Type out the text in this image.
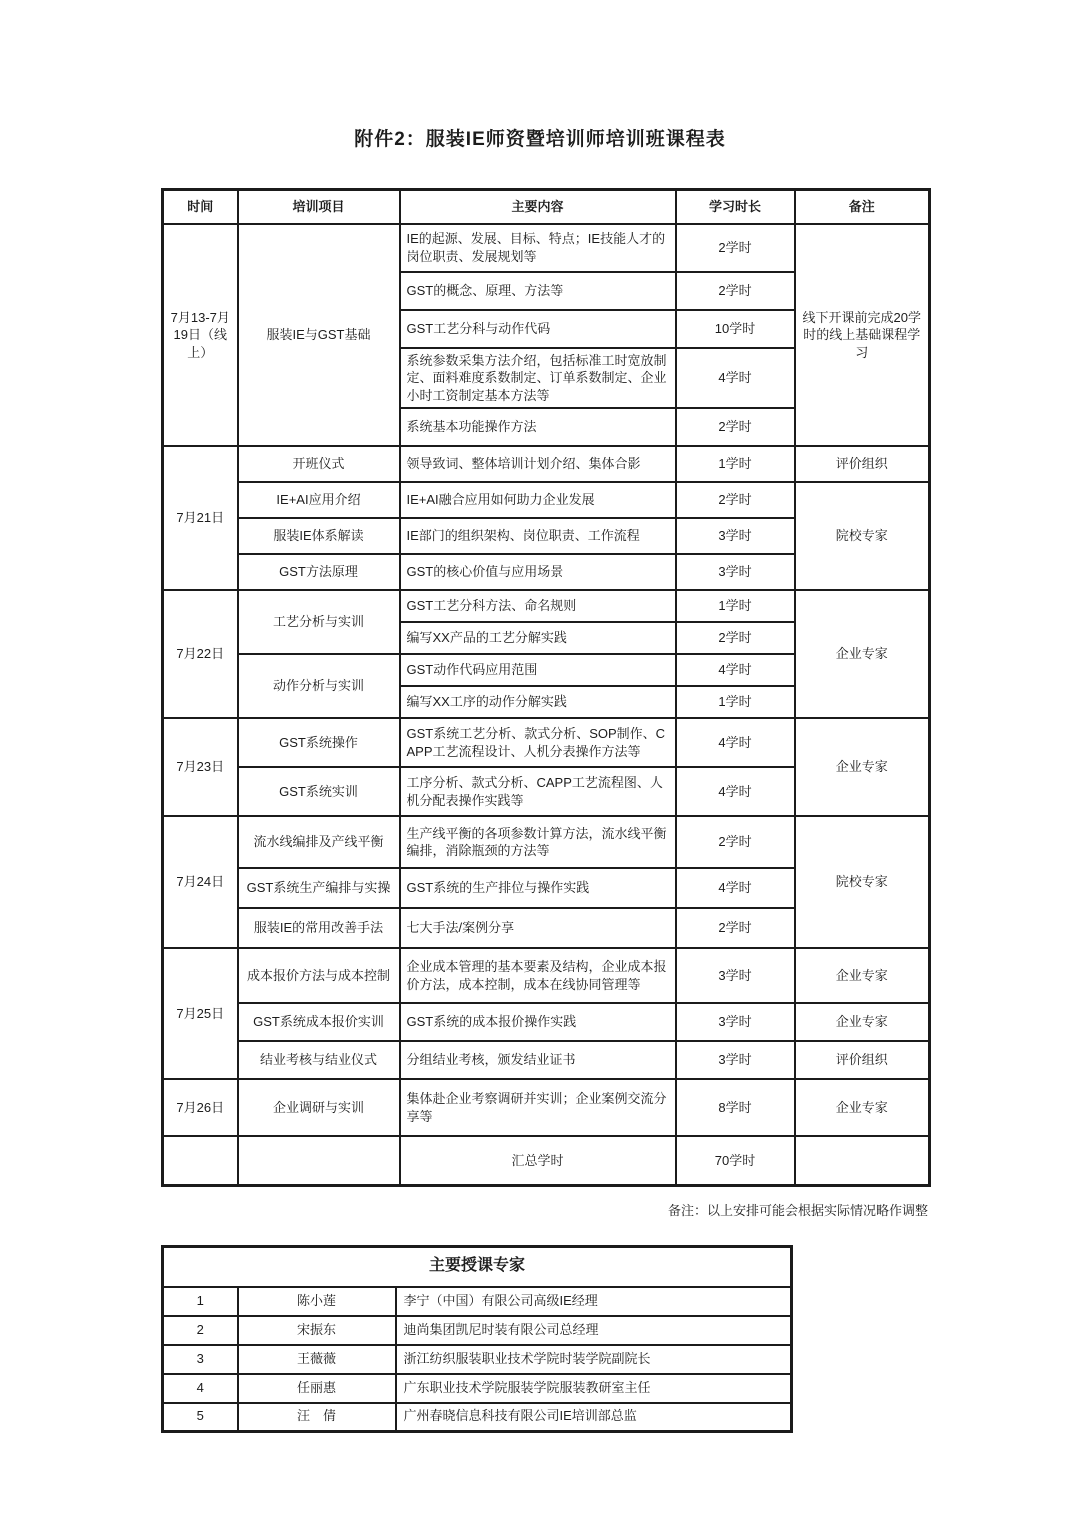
附件2：服装IE师资暨培训师培训班课程表
时间	培训项目	主要内容	学习时长	备注
7月13-7月19日（线上）	服装IE与GST基础	IE的起源、发展、目标、特点；IE技能人才的岗位职责、发展规划等	2学时	线下开课前完成20学时的线上基础课程学习
		GST的概念、原理、方法等	2学时	
		GST工艺分科与动作代码	10学时	
		系统参数采集方法介绍，包括标准工时宽放制定、面料难度系数制定、订单系数制定、企业小时工资制定基本方法等	4学时	
		系统基本功能操作方法	2学时	
7月21日	开班仪式	领导致词、整体培训计划介绍、集体合影	1学时	评价组织
	IE+AI应用介绍	IE+AI融合应用如何助力企业发展	2学时	院校专家
	服装IE体系解读	IE部门的组织架构、岗位职责、工作流程	3学时	
	GST方法原理	GST的核心价值与应用场景	3学时	
7月22日	工艺分析与实训	GST工艺分科方法、命名规则	1学时	企业专家
		编写XX产品的工艺分解实践	2学时	
	动作分析与实训	GST动作代码应用范围	4学时	
		编写XX工序的动作分解实践	1学时	
7月23日	GST系统操作	GST系统工艺分析、款式分析、SOP制作、CAPP工艺流程设计、人机分表操作方法等	4学时	企业专家
	GST系统实训	工序分析、款式分析、CAPP工艺流程图、人机分配表操作实践等	4学时	
7月24日	流水线编排及产线平衡	生产线平衡的各项参数计算方法，流水线平衡编排，消除瓶颈的方法等	2学时	院校专家
	GST系统生产编排与实操	GST系统的生产排位与操作实践	4学时	
	服装IE的常用改善手法	七大手法/案例分享	2学时	
7月25日	成本报价方法与成本控制	企业成本管理的基本要素及结构，企业成本报价方法，成本控制，成本在线协同管理等	3学时	企业专家
	GST系统成本报价实训	GST系统的成本报价操作实践	3学时	企业专家
	结业考核与结业仪式	分组结业考核，颁发结业证书	3学时	评价组织
7月26日	企业调研与实训	集体赴企业考察调研并实训；企业案例交流分享等	8学时	企业专家
		汇总学时	70学时	
备注：以上安排可能会根据实际情况略作调整
主要授课专家		
1	陈小莲	李宁（中国）有限公司高级IE经理
2	宋振东	迪尚集团凯尼时装有限公司总经理
3	王薇薇	浙江纺织服装职业技术学院时装学院副院长
4	任丽惠	广东职业技术学院服装学院服装教研室主任
5	汪　倩	广州春晓信息科技有限公司IE培训部总监
